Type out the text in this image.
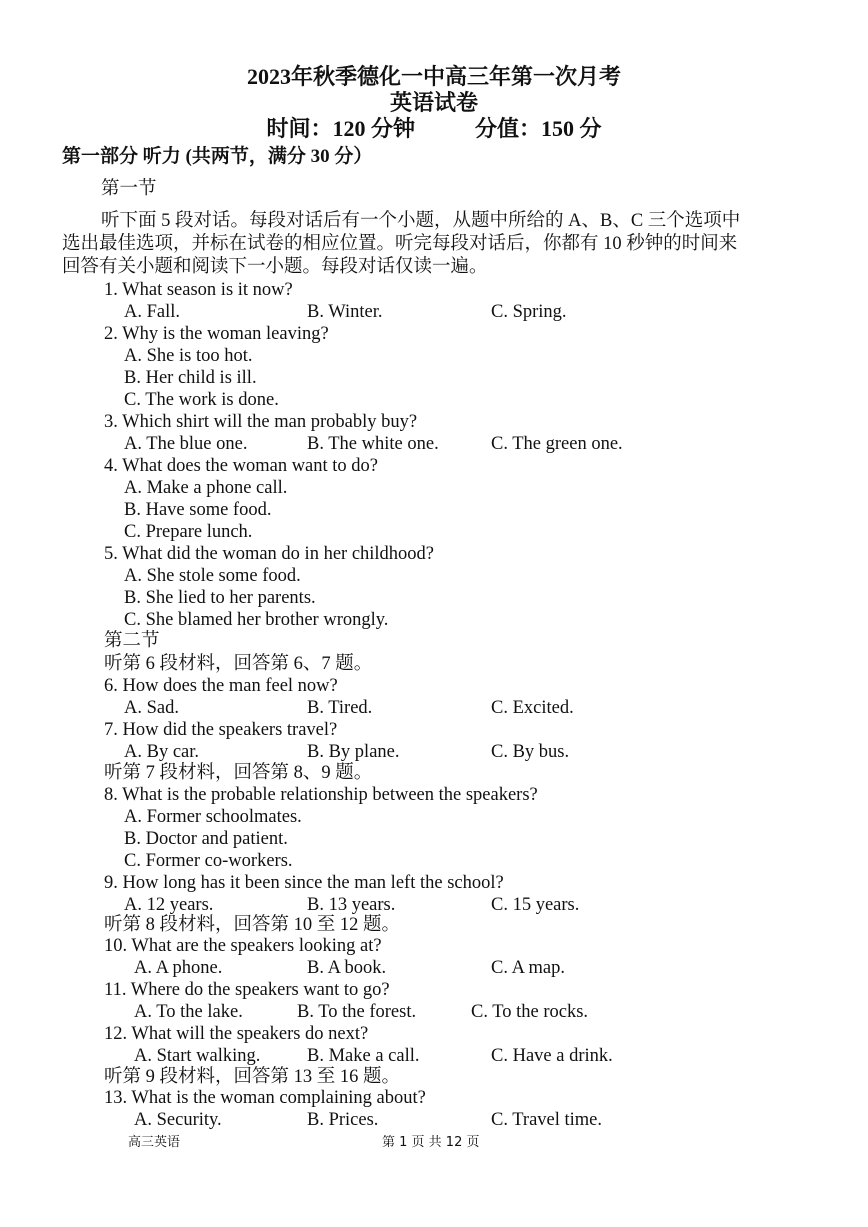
2023年秋季德化一中高三年第一次月考
英语试卷
时间：120 分钟	分值：150 分
第一部分 听力 (共两节，满分 30 分）
第一节
听下面 5 段对话。每段对话后有一个小题，从题中所给的 A、B、C 三个选项中
选出最佳选项，并标在试卷的相应位置。听完每段对话后，你都有 10 秒钟的时间来
回答有关小题和阅读下一小题。每段对话仅读一遍。
1. What season is it now?
A. Fall.	B. Winter.	C. Spring.
2. Why is the woman leaving?
A. She is too hot.
B. Her child is ill.
C. The work is done.
3. Which shirt will the man probably buy?
A. The blue one.	B. The white one.	C. The green one.
4. What does the woman want to do?
A. Make a phone call.
B. Have some food.
C. Prepare lunch.
5. What did the woman do in her childhood?
A. She stole some food.
B. She lied to her parents.
C. She blamed her brother wrongly.
第二节
听第 6 段材料，回答第 6、7 题。
6. How does the man feel now?
A. Sad.	B. Tired.	C. Excited.
7. How did the speakers travel?
A. By car.	B. By plane.	C. By bus.
听第 7 段材料，回答第 8、9 题。
8. What is the probable relationship between the speakers?
A. Former schoolmates.
B. Doctor and patient.
C. Former co-workers.
9. How long has it been since the man left the school?
A. 12 years.	B. 13 years.	C. 15 years.
听第 8 段材料，回答第 10 至 12 题。
10. What are the speakers looking at?
A. A phone.	B. A book.	C. A map.
11. Where do the speakers want to go?
A. To the lake.	B. To the forest.	C. To the rocks.
12. What will the speakers do next?
A. Start walking.	B. Make a call.	C. Have a drink.
听第 9 段材料，回答第 13 至 16 题。
13. What is the woman complaining about?
A. Security.	B. Prices.	C. Travel time.
高三英语	第 1 页 共 12 页
